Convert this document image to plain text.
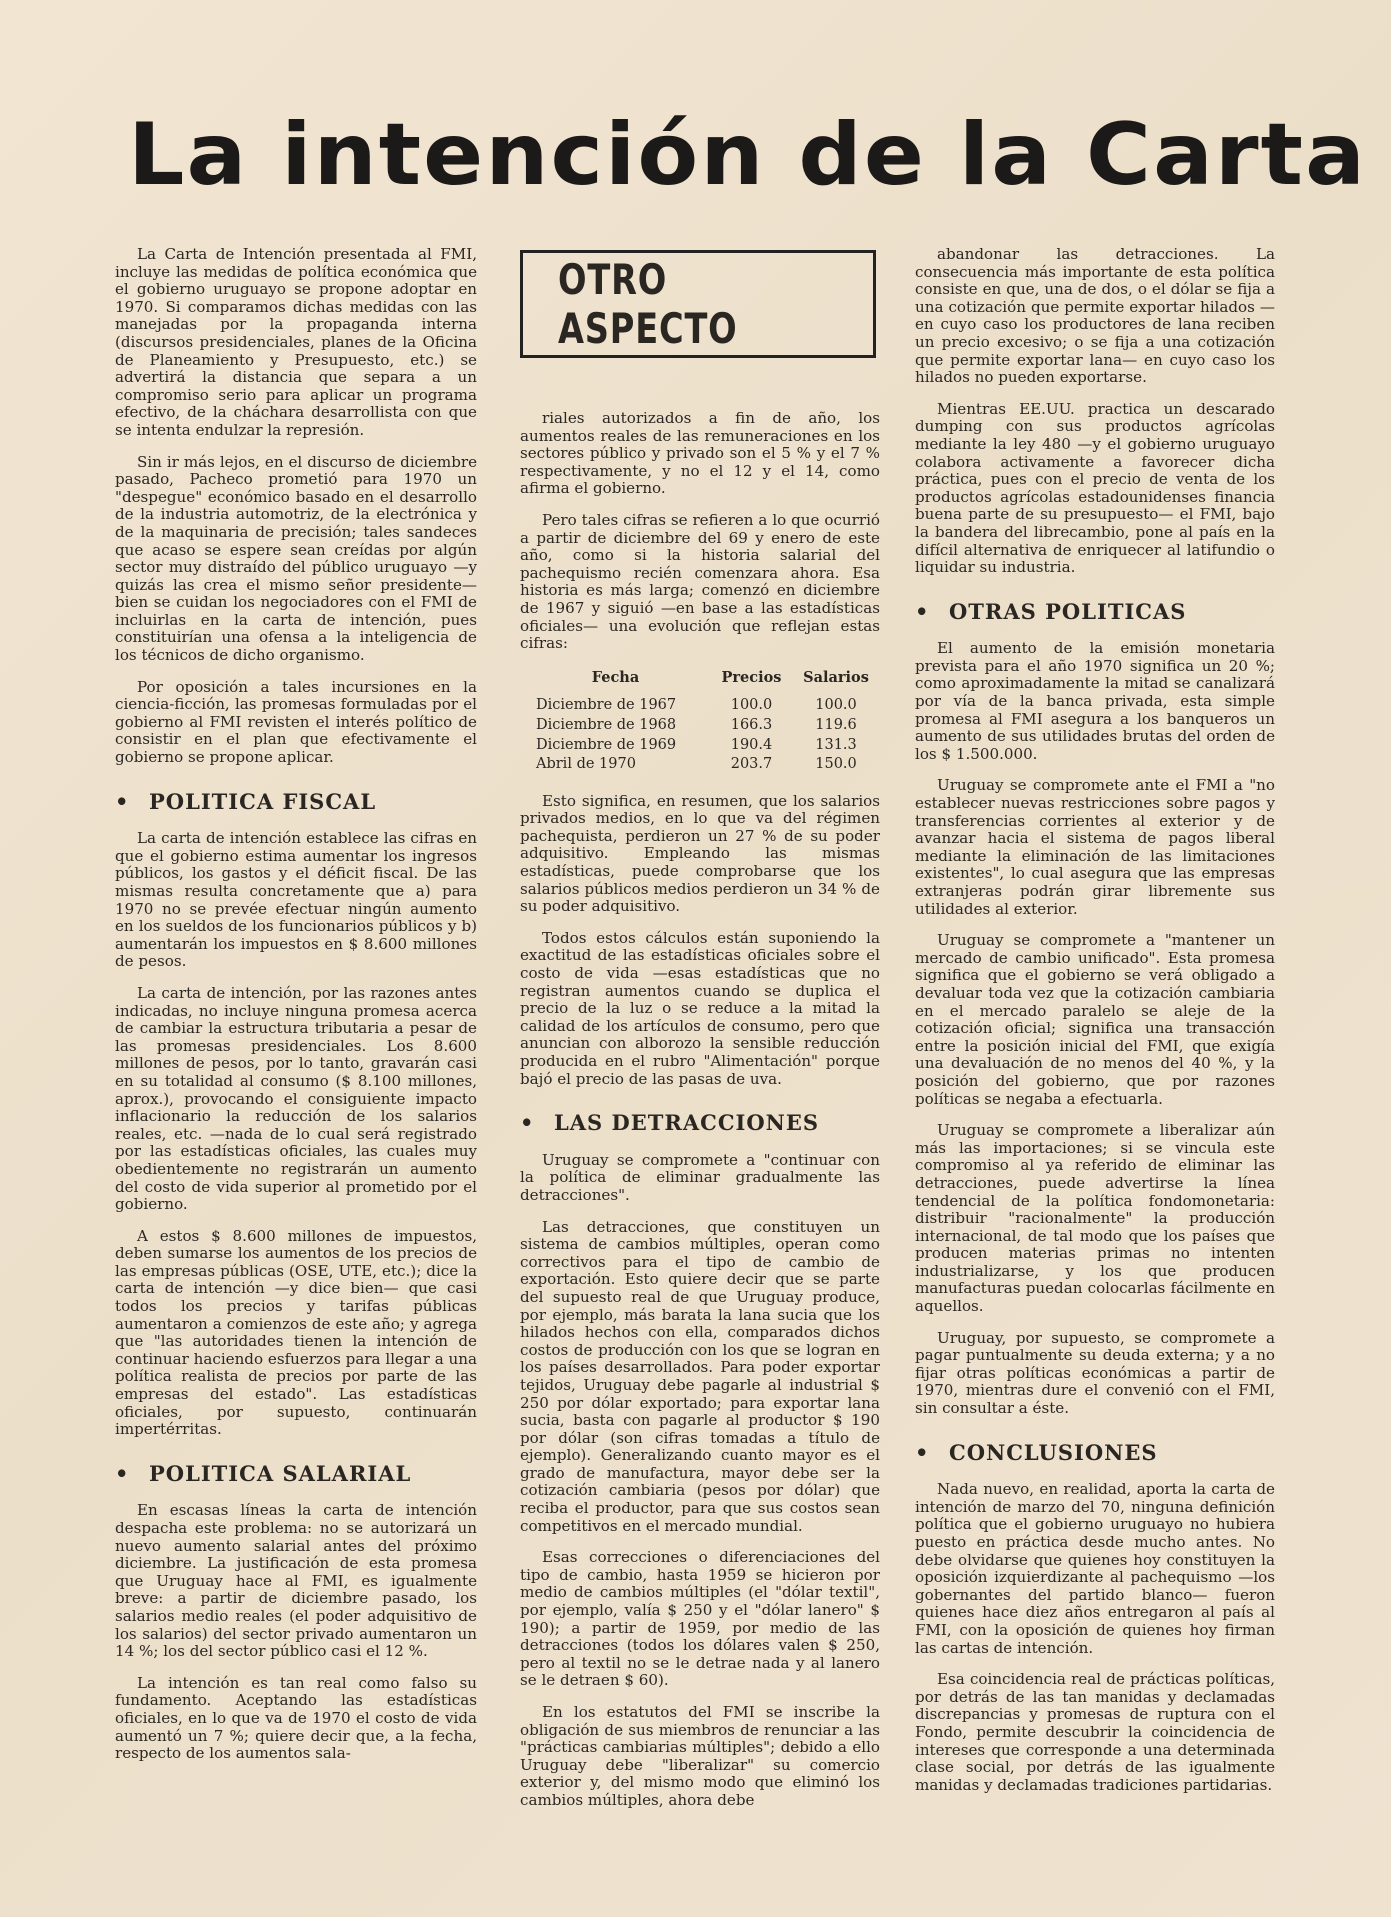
La intención de la Carta

La Carta de Intención presentada al FMI, incluye las medidas de política económica que el gobierno uruguayo se propone adoptar en 1970. Si comparamos dichas medidas con las manejadas por la propaganda interna (discursos presidenciales, planes de la Oficina de Planeamiento y Presupuesto, etc.) se advertirá la distancia que separa a un compromiso serio para aplicar un programa efectivo, de la cháchara desarrollista con que se intenta endulzar la represión.

Sin ir más lejos, en el discurso de diciembre pasado, Pacheco prometió para 1970 un "despegue" económico basado en el desarrollo de la industria automotriz, de la electrónica y de la maquinaria de precisión; tales sandeces que acaso se espere sean creídas por algún sector muy distraído del público uruguayo —y quizás las crea el mismo señor presidente— bien se cuidan los negociadores con el FMI de incluirlas en la carta de intención, pues constituirían una ofensa a la inteligencia de los técnicos de dicho organismo.

Por oposición a tales incursiones en la ciencia-ficción, las promesas formuladas por el gobierno al FMI revisten el interés político de consistir en el plan que efectivamente el gobierno se propone aplicar.

• POLITICA FISCAL

La carta de intención establece las cifras en que el gobierno estima aumentar los ingresos públicos, los gastos y el déficit fiscal. De las mismas resulta concretamente que a) para 1970 no se prevée efectuar ningún aumento en los sueldos de los funcionarios públicos y b) aumentarán los impuestos en $ 8.600 millones de pesos.

La carta de intención, por las razones antes indicadas, no incluye ninguna promesa acerca de cambiar la estructura tributaria a pesar de las promesas presidenciales. Los 8.600 millones de pesos, por lo tanto, gravarán casi en su totalidad al consumo ($ 8.100 millones, aprox.), provocando el consiguiente impacto inflacionario la reducción de los salarios reales, etc. —nada de lo cual será registrado por las estadísticas oficiales, las cuales muy obedientemente no registrarán un aumento del costo de vida superior al prometido por el gobierno.

A estos $ 8.600 millones de impuestos, deben sumarse los aumentos de los precios de las empresas públicas (OSE, UTE, etc.); dice la carta de intención —y dice bien— que casi todos los precios y tarifas públicas aumentaron a comienzos de este año; y agrega que "las autoridades tienen la intención de continuar haciendo esfuerzos para llegar a una política realista de precios por parte de las empresas del estado". Las estadísticas oficiales, por supuesto, continuarán impertérritas.

• POLITICA SALARIAL

En escasas líneas la carta de intención despacha este problema: no se autorizará un nuevo aumento salarial antes del próximo diciembre. La justificación de esta promesa que Uruguay hace al FMI, es igualmente breve: a partir de diciembre pasado, los salarios medio reales (el poder adquisitivo de los salarios) del sector privado aumentaron un 14 %; los del sector público casi el 12 %.

La intención es tan real como falso su fundamento. Aceptando las estadísticas oficiales, en lo que va de 1970 el costo de vida aumentó un 7 %; quiere decir que, a la fecha, respecto de los aumentos sala-

OTRO ASPECTO

riales autorizados a fin de año, los aumentos reales de las remuneraciones en los sectores público y privado son el 5 % y el 7 % respectivamente, y no el 12 y el 14, como afirma el gobierno.

Pero tales cifras se refieren a lo que ocurrió a partir de diciembre del 69 y enero de este año, como si la historia salarial del pachequismo recién comenzara ahora. Esa historia es más larga; comenzó en diciembre de 1967 y siguió —en base a las estadísticas oficiales— una evolución que reflejan estas cifras:

Fecha	Precios	Salarios
Diciembre de 1967	100.0	100.0
Diciembre de 1968	166.3	119.6
Diciembre de 1969	190.4	131.3
Abril de 1970	203.7	150.0

Esto significa, en resumen, que los salarios privados medios, en lo que va del régimen pachequista, perdieron un 27 % de su poder adquisitivo. Empleando las mismas estadísticas, puede comprobarse que los salarios públicos medios perdieron un 34 % de su poder adquisitivo.

Todos estos cálculos están suponiendo la exactitud de las estadísticas oficiales sobre el costo de vida —esas estadísticas que no registran aumentos cuando se duplica el precio de la luz o se reduce a la mitad la calidad de los artículos de consumo, pero que anuncian con alborozo la sensible reducción producida en el rubro "Alimentación" porque bajó el precio de las pasas de uva.

• LAS DETRACCIONES

Uruguay se compromete a "continuar con la política de eliminar gradualmente las detracciones".

Las detracciones, que constituyen un sistema de cambios múltiples, operan como correctivos para el tipo de cambio de exportación. Esto quiere decir que se parte del supuesto real de que Uruguay produce, por ejemplo, más barata la lana sucia que los hilados hechos con ella, comparados dichos costos de producción con los que se logran en los países desarrollados. Para poder exportar tejidos, Uruguay debe pagarle al industrial $ 250 por dólar exportado; para exportar lana sucia, basta con pagarle al productor $ 190 por dólar (son cifras tomadas a título de ejemplo). Generalizando cuanto mayor es el grado de manufactura, mayor debe ser la cotización cambiaria (pesos por dólar) que reciba el productor, para que sus costos sean competitivos en el mercado mundial.

Esas correcciones o diferenciaciones del tipo de cambio, hasta 1959 se hicieron por medio de cambios múltiples (el "dólar textil", por ejemplo, valía $ 250 y el "dólar lanero" $ 190); a partir de 1959, por medio de las detracciones (todos los dólares valen $ 250, pero al textil no se le detrae nada y al lanero se le detraen $ 60).

En los estatutos del FMI se inscribe la obligación de sus miembros de renunciar a las "prácticas cambiarias múltiples"; debido a ello Uruguay debe "liberalizar" su comercio exterior y, del mismo modo que eliminó los cambios múltiples, ahora debe

abandonar las detracciones. La consecuencia más importante de esta política consiste en que, una de dos, o el dólar se fija a una cotización que permite exportar hilados —en cuyo caso los productores de lana reciben un precio excesivo; o se fija a una cotización que permite exportar lana— en cuyo caso los hilados no pueden exportarse.

Mientras EE.UU. practica un descarado dumping con sus productos agrícolas mediante la ley 480 —y el gobierno uruguayo colabora activamente a favorecer dicha práctica, pues con el precio de venta de los productos agrícolas estadounidenses financia buena parte de su presupuesto— el FMI, bajo la bandera del librecambio, pone al país en la difícil alternativa de enriquecer al latifundio o liquidar su industria.

• OTRAS POLITICAS

El aumento de la emisión monetaria prevista para el año 1970 significa un 20 %; como aproximadamente la mitad se canalizará por vía de la banca privada, esta simple promesa al FMI asegura a los banqueros un aumento de sus utilidades brutas del orden de los $ 1.500.000.

Uruguay se compromete ante el FMI a "no establecer nuevas restricciones sobre pagos y transferencias corrientes al exterior y de avanzar hacia el sistema de pagos liberal mediante la eliminación de las limitaciones existentes", lo cual asegura que las empresas extranjeras podrán girar libremente sus utilidades al exterior.

Uruguay se compromete a "mantener un mercado de cambio unificado". Esta promesa significa que el gobierno se verá obligado a devaluar toda vez que la cotización cambiaria en el mercado paralelo se aleje de la cotización oficial; significa una transacción entre la posición inicial del FMI, que exigía una devaluación de no menos del 40 %, y la posición del gobierno, que por razones políticas se negaba a efectuarla.

Uruguay se compromete a liberalizar aún más las importaciones; si se vincula este compromiso al ya referido de eliminar las detracciones, puede advertirse la línea tendencial de la política fondomonetaria: distribuir "racionalmente" la producción internacional, de tal modo que los países que producen materias primas no intenten industrializarse, y los que producen manufacturas puedan colocarlas fácilmente en aquellos.

Uruguay, por supuesto, se compromete a pagar puntualmente su deuda externa; y a no fijar otras políticas económicas a partir de 1970, mientras dure el convenió con el FMI, sin consultar a éste.

• CONCLUSIONES

Nada nuevo, en realidad, aporta la carta de intención de marzo del 70, ninguna definición política que el gobierno uruguayo no hubiera puesto en práctica desde mucho antes. No debe olvidarse que quienes hoy constituyen la oposición izquierdizante al pachequismo —los gobernantes del partido blanco— fueron quienes hace diez años entregaron al país al FMI, con la oposición de quienes hoy firman las cartas de intención.

Esa coincidencia real de prácticas políticas, por detrás de las tan manidas y declamadas discrepancias y promesas de ruptura con el Fondo, permite descubrir la coincidencia de intereses que corresponde a una determinada clase social, por detrás de las igualmente manidas y declamadas tradiciones partidarias.
